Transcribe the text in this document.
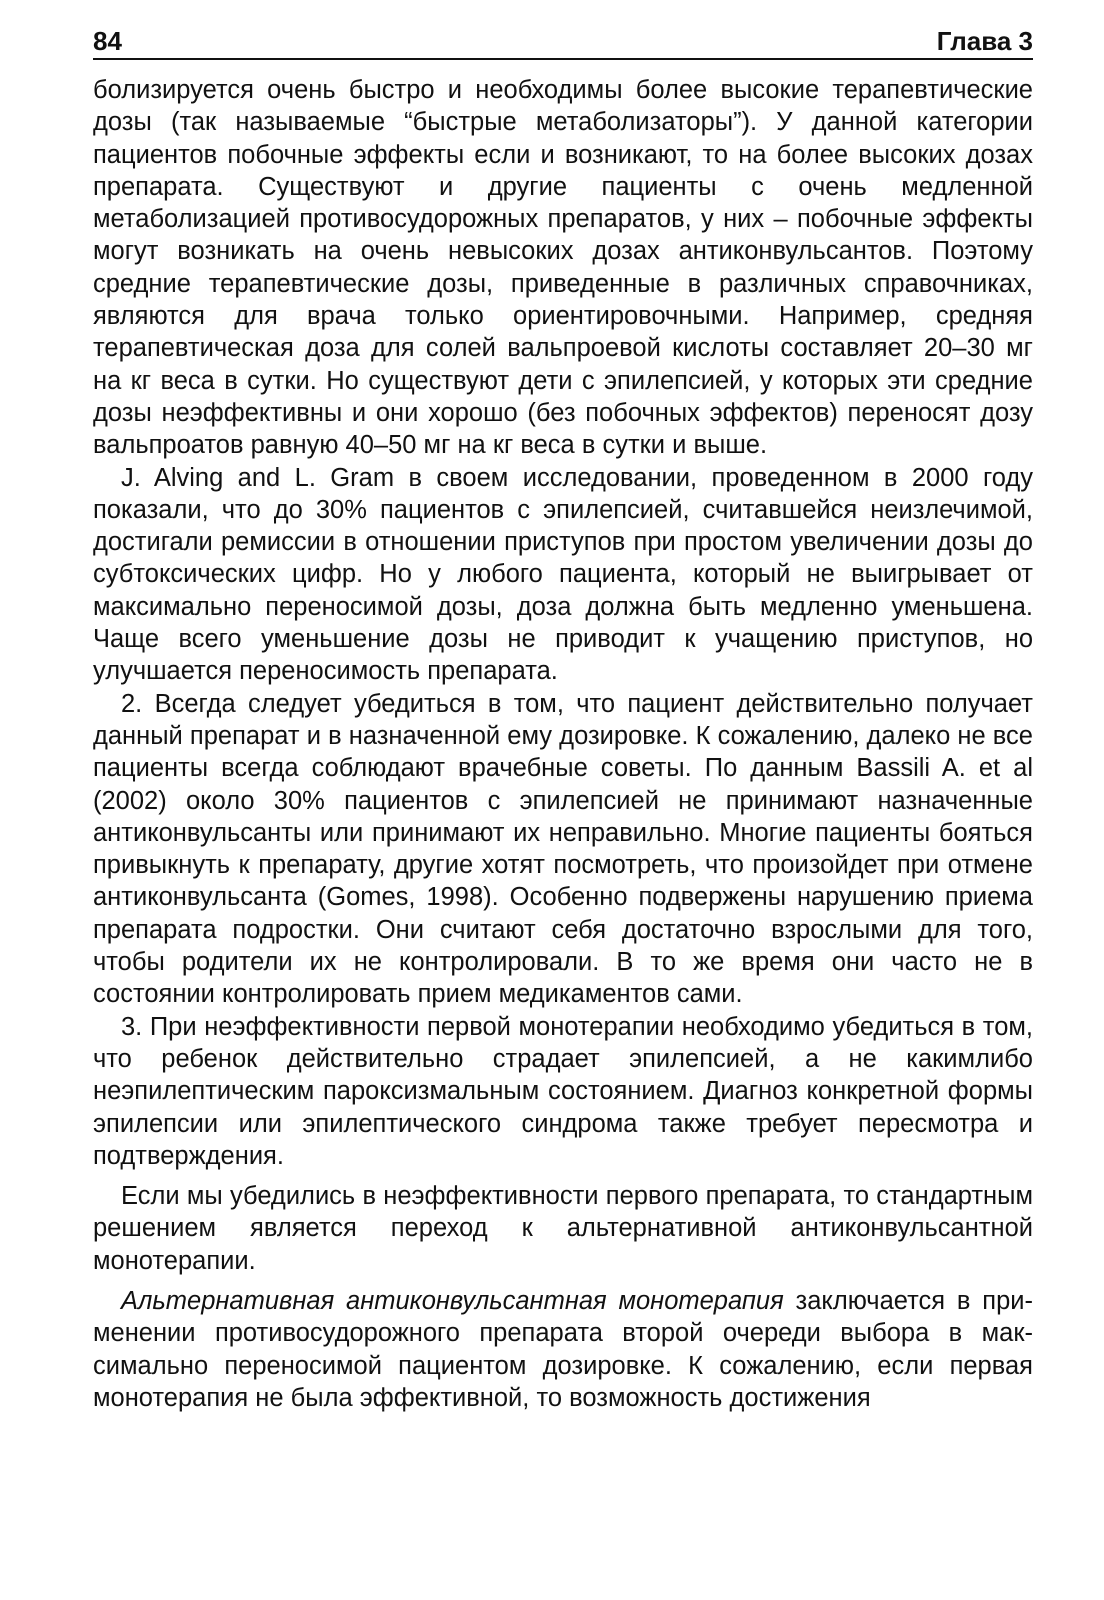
84	Глава 3

болизируется очень быстро и необходимы более высокие терапевтические дозы (так называемые “быстрые метаболизаторы”). У данной категории пациентов побочные эффекты если и возникают, то на более высоких дозах препарата. Существуют и другие пациенты с очень медленной метаболизацией противосудорожных препаратов, у них – побочные эффекты могут возникать на очень невысоких дозах антиконвульсантов. Поэтому средние терапевтические дозы, приведенные в различных справочниках, являются для врача только ориентировочными. Например, средняя терапевтическая доза для солей вальпроевой кислоты составляет 20–30 мг на кг веса в сутки. Но существуют дети с эпилепсией, у которых эти средние дозы неэффективны и они хорошо (без побочных эффектов) переносят дозу вальпроатов равную 40–50 мг на кг веса в сутки и выше.

J. Alving and L. Gram в своем исследовании, проведенном в 2000 году показали, что до 30% пациентов с эпилепсией, считавшейся неизлечимой, достигали ремиссии в отношении приступов при простом увеличении дозы до субтоксических цифр. Но у любого пациента, который не выигрывает от максимально переносимой дозы, доза должна быть медленно уменьшена. Чаще всего уменьшение дозы не приводит к учащению приступов, но улучшается переносимость препарата.

2. Всегда следует убедиться в том, что пациент действительно получает данный препарат и в назначенной ему дозировке. К сожалению, далеко не все пациенты всегда соблюдают врачебные советы. По данным Bassili A. et al (2002) около 30% пациентов с эпилепсией не принимают назначенные антиконвульсанты или принимают их неправильно. Многие пациенты бояться привыкнуть к препарату, другие хотят посмотреть, что произойдет при отмене антиконвульсанта (Gomes, 1998). Особенно подвержены нарушению приема препарата подростки. Они считают себя достаточно взрослыми для того, чтобы родители их не контролировали. В то же время они часто не в состоянии контролировать прием медикаментов сами.

3. При неэффективности первой монотерапии необходимо убедиться в том, что ребенок действительно страдает эпилепсией, а не какимлибо неэпилептическим пароксизмальным состоянием. Диагноз конкретной формы эпилепсии или эпилептического синдрома также требует пересмотра и подтверждения.

Если мы убедились в неэффективности первого препарата, то стандартным решением является переход к альтернативной антиконвульсантной монотерапии.

Альтернативная антиконвульсантная монотерапия заключается в применении противосудорожного препарата второй очереди выбора в максимально переносимой пациентом дозировке. К сожалению, если первая монотерапия не была эффективной, то возможность достижения
